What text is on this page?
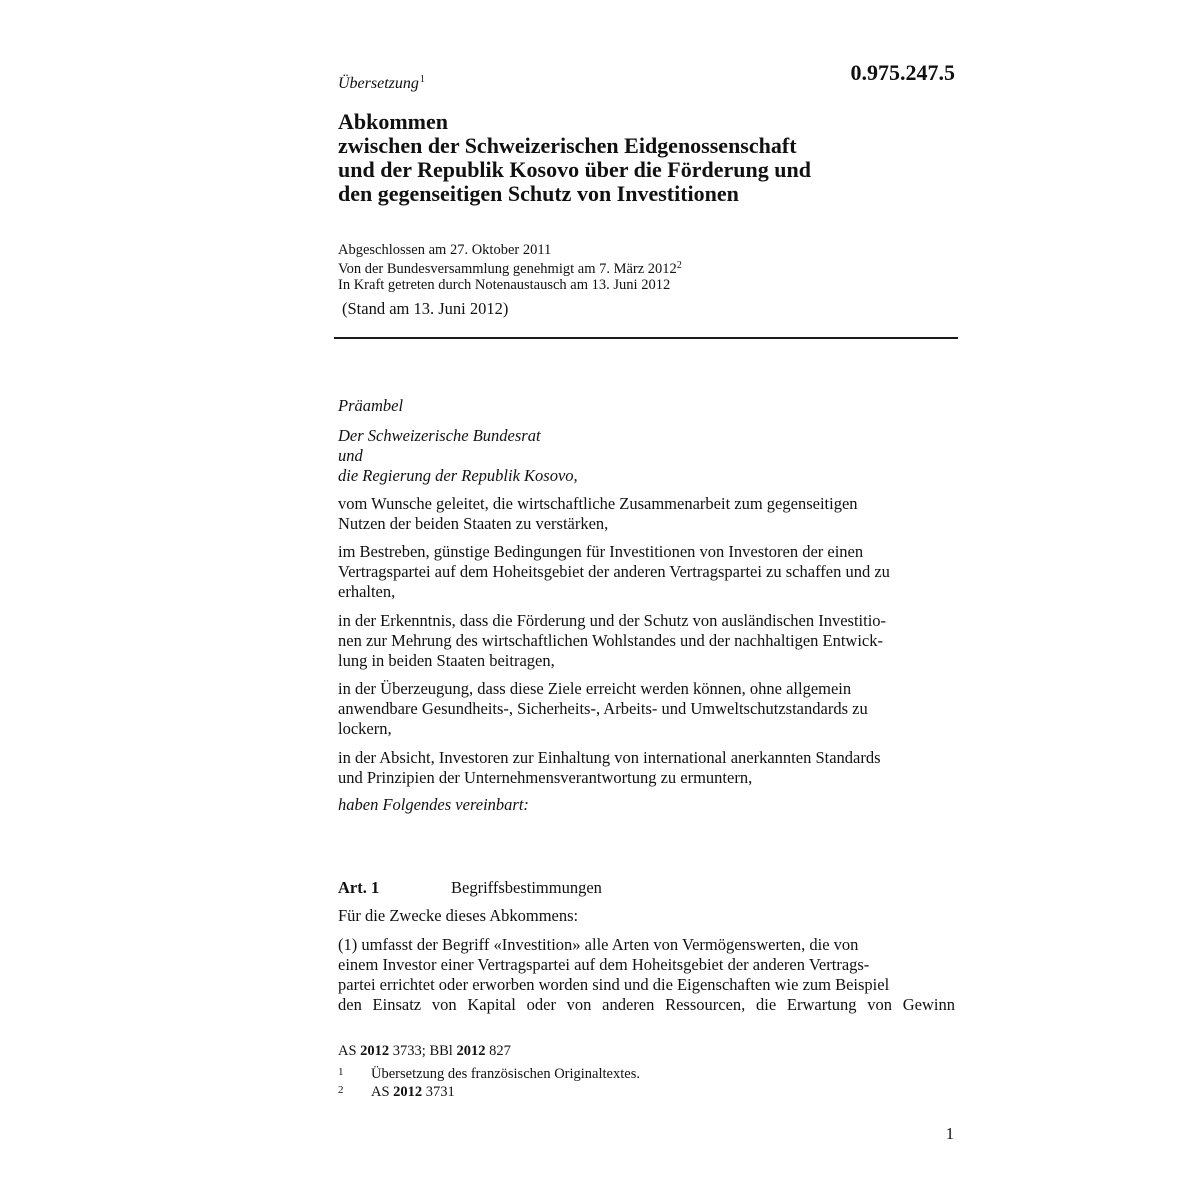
0.975.247.5
Übersetzung$^1$
Abkommen
zwischen der Schweizerischen Eidgenossenschaft
und der Republik Kosovo über die Förderung und
den gegenseitigen Schutz von Investitionen
Abgeschlossen am 27. Oktober 2011
Von der Bundesversammlung genehmigt am 7. März 2012$^2$
In Kraft getreten durch Notenaustausch am 13. Juni 2012
(Stand am 13. Juni 2012)
Präambel
Der Schweizerische Bundesrat
und
die Regierung der Republik Kosovo,
vom Wunsche geleitet, die wirtschaftliche Zusammenarbeit zum gegenseitigen
Nutzen der beiden Staaten zu verstärken,
im Bestreben, günstige Bedingungen für Investitionen von Investoren der einen
Vertragspartei auf dem Hoheitsgebiet der anderen Vertragspartei zu schaffen und zu
erhalten,
in der Erkenntnis, dass die Förderung und der Schutz von ausländischen Investitio-
nen zur Mehrung des wirtschaftlichen Wohlstandes und der nachhaltigen Entwick-
lung in beiden Staaten beitragen,
in der Überzeugung, dass diese Ziele erreicht werden können, ohne allgemein
anwendbare Gesundheits-, Sicherheits-, Arbeits- und Umweltschutzstandards zu
lockern,
in der Absicht, Investoren zur Einhaltung von international anerkannten Standards
und Prinzipien der Unternehmensverantwortung zu ermuntern,
haben Folgendes vereinbart:
Art. 1	Begriffsbestimmungen
Für die Zwecke dieses Abkommens:
(1) umfasst der Begriff «Investition» alle Arten von Vermögenswerten, die von
einem Investor einer Vertragspartei auf dem Hoheitsgebiet der anderen Vertrags-
partei errichtet oder erworben worden sind und die Eigenschaften wie zum Beispiel
den Einsatz von Kapital oder von anderen Ressourcen, die Erwartung von Gewinn
AS 2012 3733; BBl 2012 827
1 Übersetzung des französischen Originaltextes.
2 AS 2012 3731
1
